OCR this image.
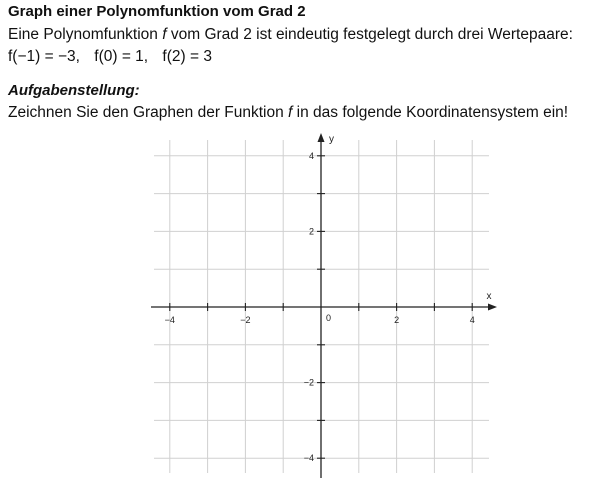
Graph einer Polynomfunktion vom Grad 2
Eine Polynomfunktion f vom Grad 2 ist eindeutig festgelegt durch drei Wertepaare:
f(−1) = −3, f(0) = 1, f(2) = 3
Aufgabenstellung:
Zeichnen Sie den Graphen der Funktion f in das folgende Koordinatensystem ein!
−4	−2	2	4
4
2
−2
−4
0
x
y
